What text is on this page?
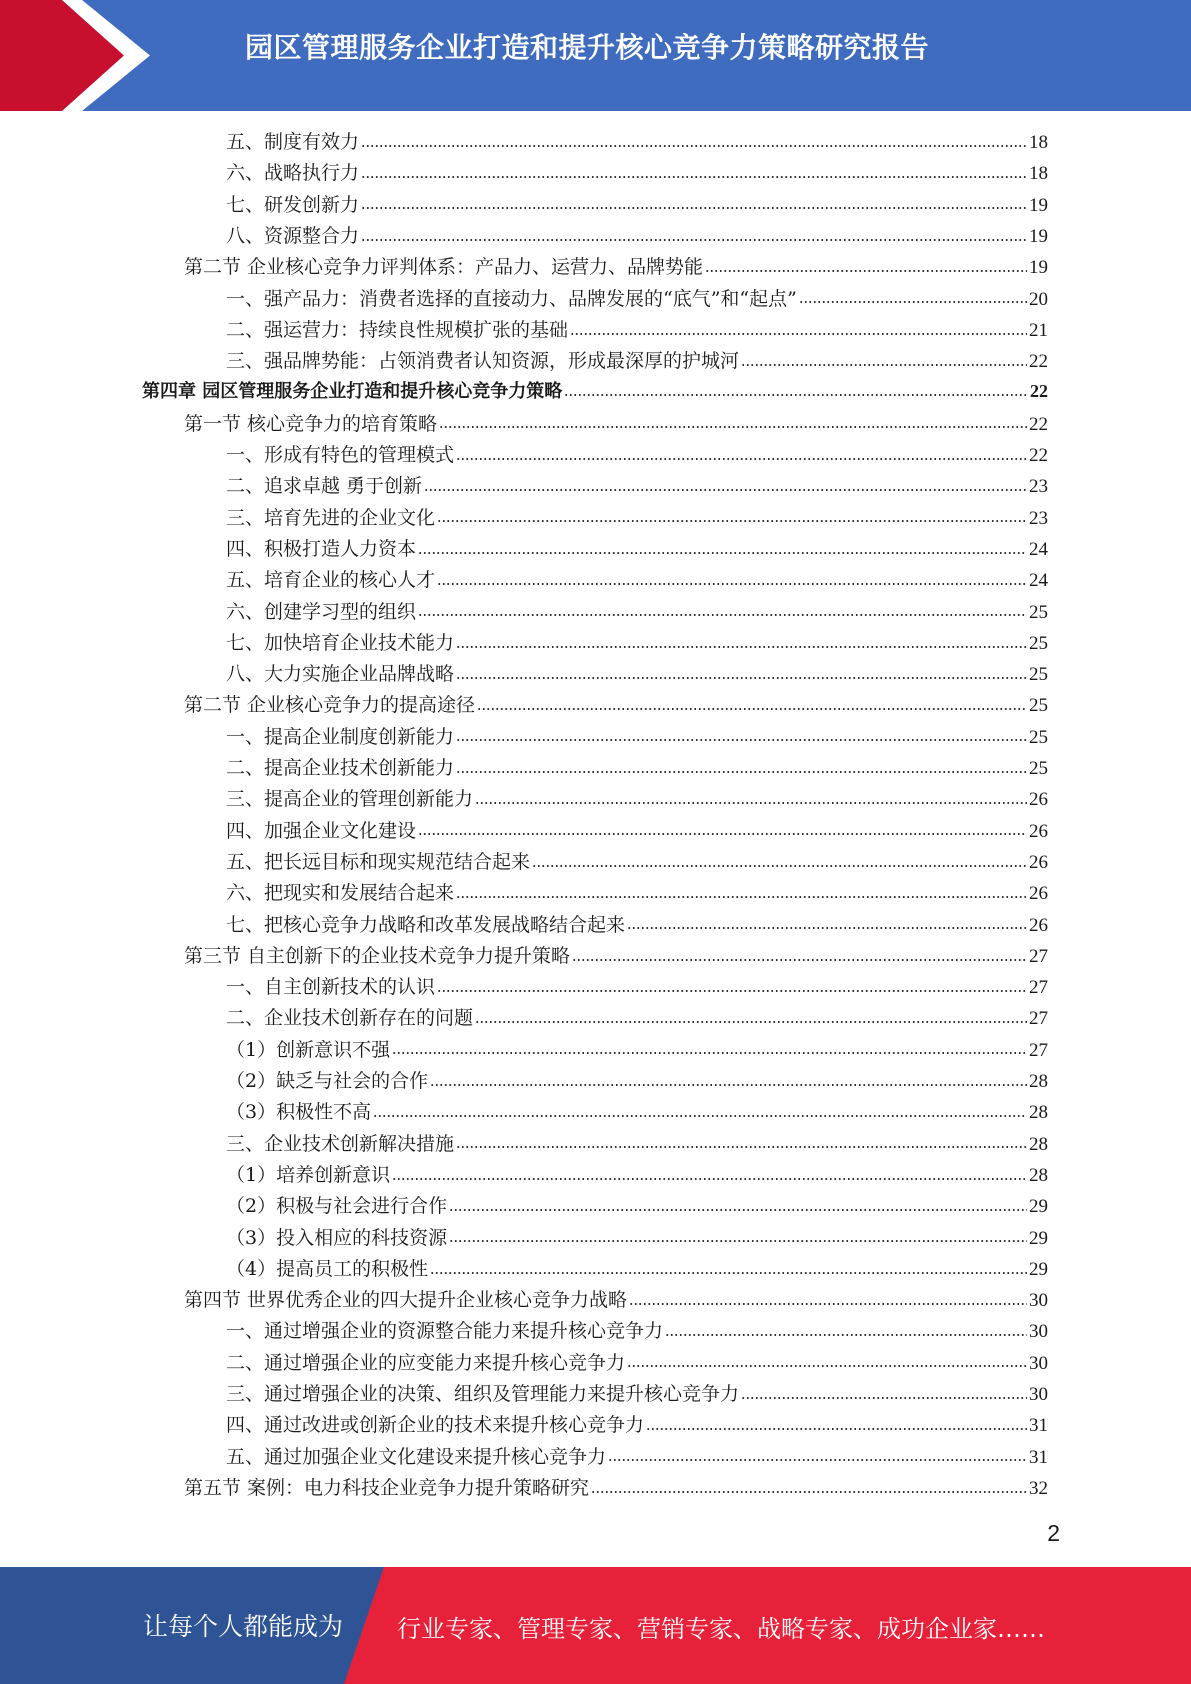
园区管理服务企业打造和提升核心竞争力策略研究报告
五、制度有效力	18
六、战略执行力	18
七、研发创新力	19
八、资源整合力	19
第二节 企业核心竞争力评判体系：产品力、运营力、品牌势能	19
一、强产品力：消费者选择的直接动力、品牌发展的“底气”和“起点”	20
二、强运营力：持续良性规模扩张的基础	21
三、强品牌势能：占领消费者认知资源，形成最深厚的护城河	22
第四章 园区管理服务企业打造和提升核心竞争力策略	22
第一节 核心竞争力的培育策略	22
一、形成有特色的管理模式	22
二、追求卓越 勇于创新	23
三、培育先进的企业文化	23
四、积极打造人力资本	24
五、培育企业的核心人才	24
六、创建学习型的组织	25
七、加快培育企业技术能力	25
八、大力实施企业品牌战略	25
第二节 企业核心竞争力的提高途径	25
一、提高企业制度创新能力	25
二、提高企业技术创新能力	25
三、提高企业的管理创新能力	26
四、加强企业文化建设	26
五、把长远目标和现实规范结合起来	26
六、把现实和发展结合起来	26
七、把核心竞争力战略和改革发展战略结合起来	26
第三节 自主创新下的企业技术竞争力提升策略	27
一、自主创新技术的认识	27
二、企业技术创新存在的问题	27
（1）创新意识不强	27
（2）缺乏与社会的合作	28
（3）积极性不高	28
三、企业技术创新解决措施	28
（1）培养创新意识	28
（2）积极与社会进行合作	29
（3）投入相应的科技资源	29
（4）提高员工的积极性	29
第四节 世界优秀企业的四大提升企业核心竞争力战略	30
一、通过增强企业的资源整合能力来提升核心竞争力	30
二、通过增强企业的应变能力来提升核心竞争力	30
三、通过增强企业的决策、组织及管理能力来提升核心竞争力	30
四、通过改进或创新企业的技术来提升核心竞争力	31
五、通过加强企业文化建设来提升核心竞争力	31
第五节 案例：电力科技企业竞争力提升策略研究	32
2
让每个人都能成为 行业专家、管理专家、营销专家、战略专家、成功企业家……
